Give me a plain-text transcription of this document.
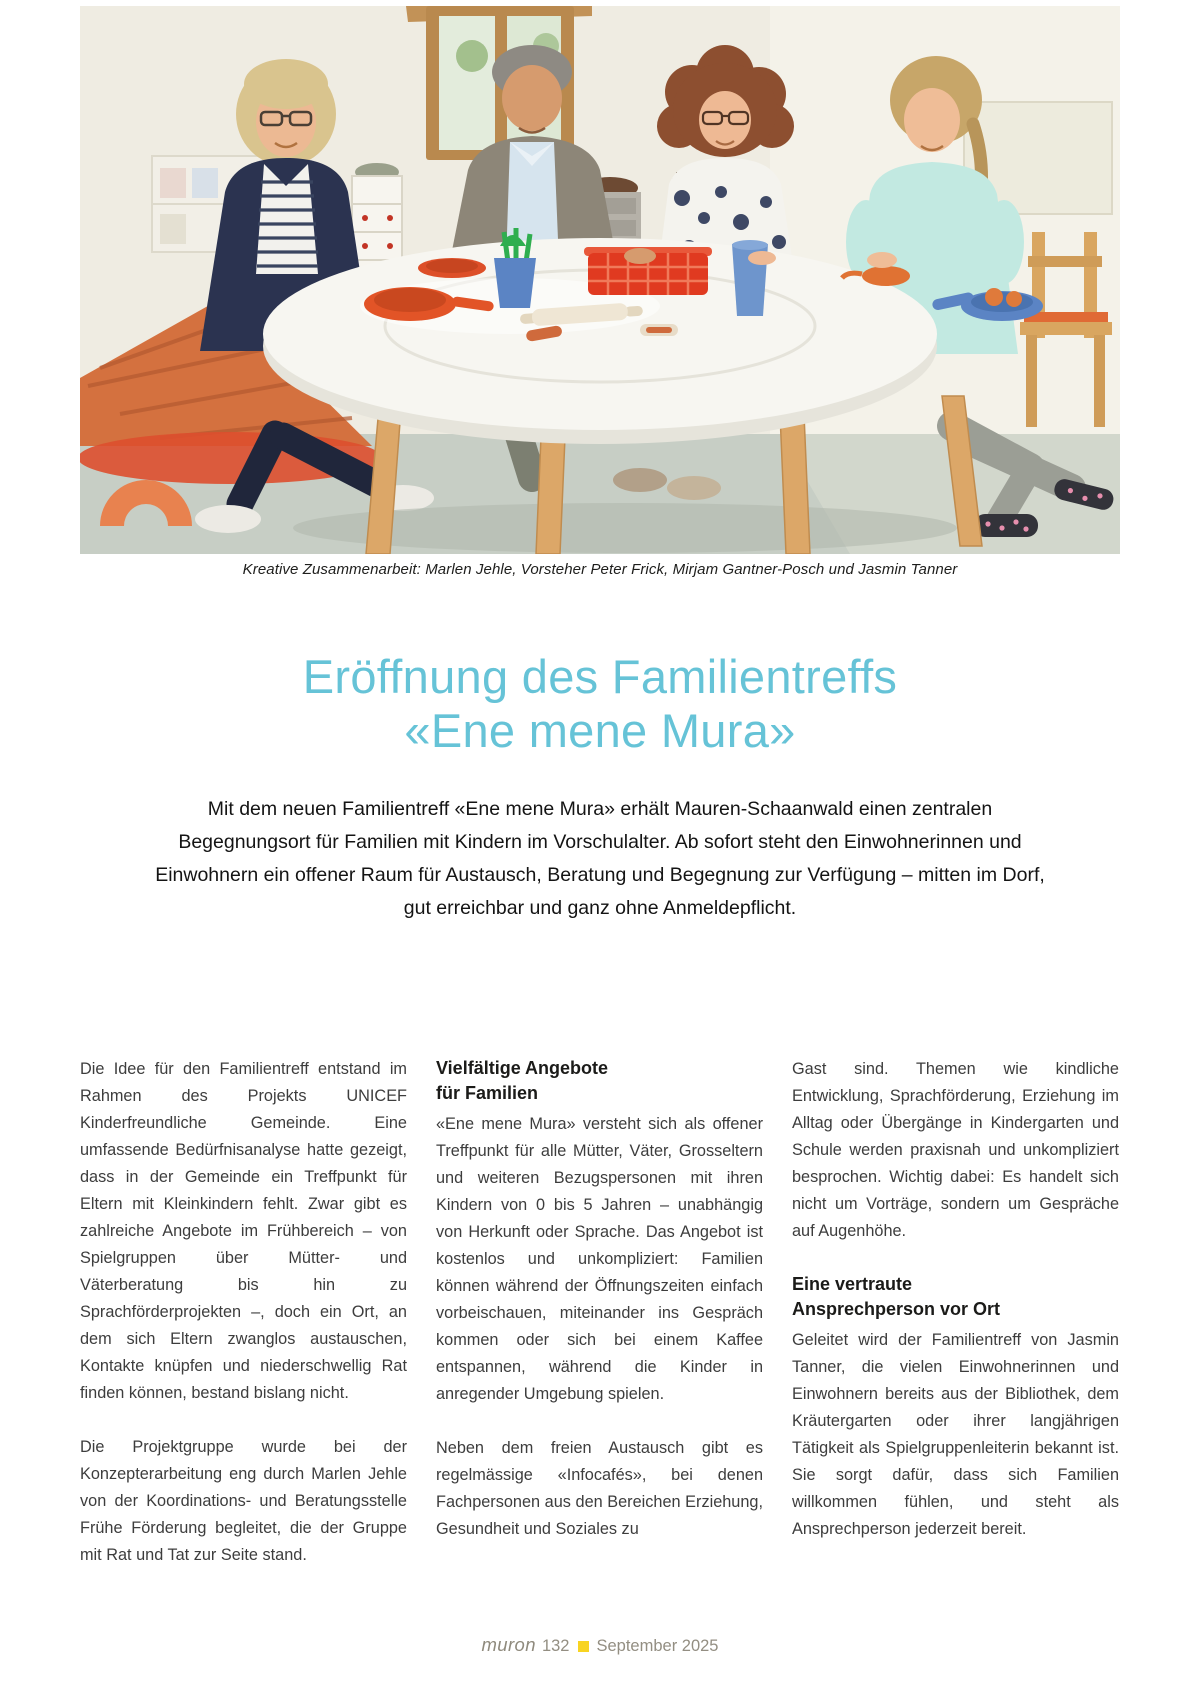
Kreative Zusammenarbeit: Marlen Jehle, Vorsteher Peter Frick, Mirjam Gantner-Posch und Jasmin Tanner
Eröffnung des Familientreffs
«Ene mene Mura»

Mit dem neuen Familientreff «Ene mene Mura» erhält Mauren-Schaanwald einen zentralen Begegnungsort für Familien mit Kindern im Vorschulalter. Ab sofort steht den Einwohnerinnen und Einwohnern ein offener Raum für Austausch, Beratung und Begegnung zur Verfügung – mitten im Dorf, gut erreichbar und ganz ohne Anmeldepflicht.

Die Idee für den Familientreff entstand im Rahmen des Projekts UNICEF Kinderfreundliche Gemeinde. Eine umfassende Bedürfnisanalyse hatte gezeigt, dass in der Gemeinde ein Treffpunkt für Eltern mit Kleinkindern fehlt. Zwar gibt es zahlreiche Angebote im Frühbereich – von Spielgruppen über Mütter- und Väterberatung bis hin zu Sprachförderprojekten –, doch ein Ort, an dem sich Eltern zwanglos austauschen, Kontakte knüpfen und niederschwellig Rat finden können, bestand bislang nicht.

Die Projektgruppe wurde bei der Konzepterarbeitung eng durch Marlen Jehle von der Koordinations- und Beratungsstelle Frühe Förderung begleitet, die der Gruppe mit Rat und Tat zur Seite stand.

Vielfältige Angebote
für Familien

«Ene mene Mura» versteht sich als offener Treffpunkt für alle Mütter, Väter, Grosseltern und weiteren Bezugspersonen mit ihren Kindern von 0 bis 5 Jahren – unabhängig von Herkunft oder Sprache. Das Angebot ist kostenlos und unkompliziert: Familien können während der Öffnungszeiten einfach vorbeischauen, miteinander ins Gespräch kommen oder sich bei einem Kaffee entspannen, während die Kinder in anregender Umgebung spielen.

Neben dem freien Austausch gibt es regelmässige «Infocafés», bei denen Fachpersonen aus den Bereichen Erziehung, Gesundheit und Soziales zu

Gast sind. Themen wie kindliche Entwicklung, Sprachförderung, Erziehung im Alltag oder Übergänge in Kindergarten und Schule werden praxisnah und unkompliziert besprochen. Wichtig dabei: Es handelt sich nicht um Vorträge, sondern um Gespräche auf Augenhöhe.

Eine vertraute
Ansprechperson vor Ort

Geleitet wird der Familientreff von Jasmin Tanner, die vielen Einwohnerinnen und Einwohnern bereits aus der Bibliothek, dem Kräutergarten oder ihrer langjährigen Tätigkeit als Spielgruppenleiterin bekannt ist. Sie sorgt dafür, dass sich Familien willkommen fühlen, und steht als Ansprechperson jederzeit bereit.

muron 132 September 2025
